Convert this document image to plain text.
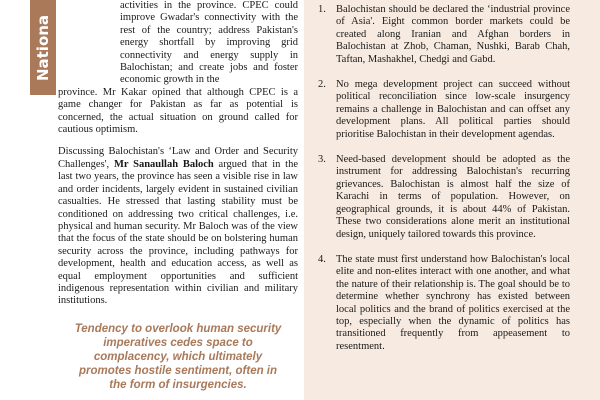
Nationa

activities in the province. CPEC could improve Gwadar's connectivity with the rest of the country; address Pakistan's energy shortfall by improving grid connectivity and energy supply in Balochistan; and create jobs and foster economic growth in the

province. Mr Kakar opined that although CPEC is a game changer for Pakistan as far as potential is concerned, the actual situation on ground called for cautious optimism.

Discussing Balochistan's ‘Law and Order and Security Challenges', Mr Sanaullah Baloch argued that in the last two years, the province has seen a visible rise in law and order incidents, largely evident in sustained civilian casualties. He stressed that lasting stability must be conditioned on addressing two critical challenges, i.e. physical and human security. Mr Baloch was of the view that the focus of the state should be on bolstering human security across the province, including pathways for development, health and education access, as well as equal employment opportunities and sufficient indigenous representation within civilian and military institutions.

Tendency to overlook human security imperatives cedes space to complacency, which ultimately promotes hostile sentiment, often in the form of insurgencies.
1. Balochistan should be declared the ‘industrial province of Asia'. Eight common border markets could be created along Iranian and Afghan borders in Balochistan at Zhob, Chaman, Nushki, Barab Chah, Taftan, Mashakhel, Chedgi and Gabd.
2. No mega development project can succeed without political reconciliation since low-scale insurgency remains a challenge in Balochistan and can offset any development plans. All political parties should prioritise Balochistan in their development agendas.
3. Need-based development should be adopted as the instrument for addressing Balochistan's recurring grievances. Balochistan is almost half the size of Karachi in terms of population. However, on geographical grounds, it is about 44% of Pakistan. These two considerations alone merit an institutional design, uniquely tailored towards this province.
4. The state must first understand how Balochistan's local elite and non-elites interact with one another, and what the nature of their relationship is. The goal should be to determine whether synchrony has existed between local politics and the brand of politics exercised at the top, especially when the dynamic of politics has transitioned frequently from appeasement to resentment.
